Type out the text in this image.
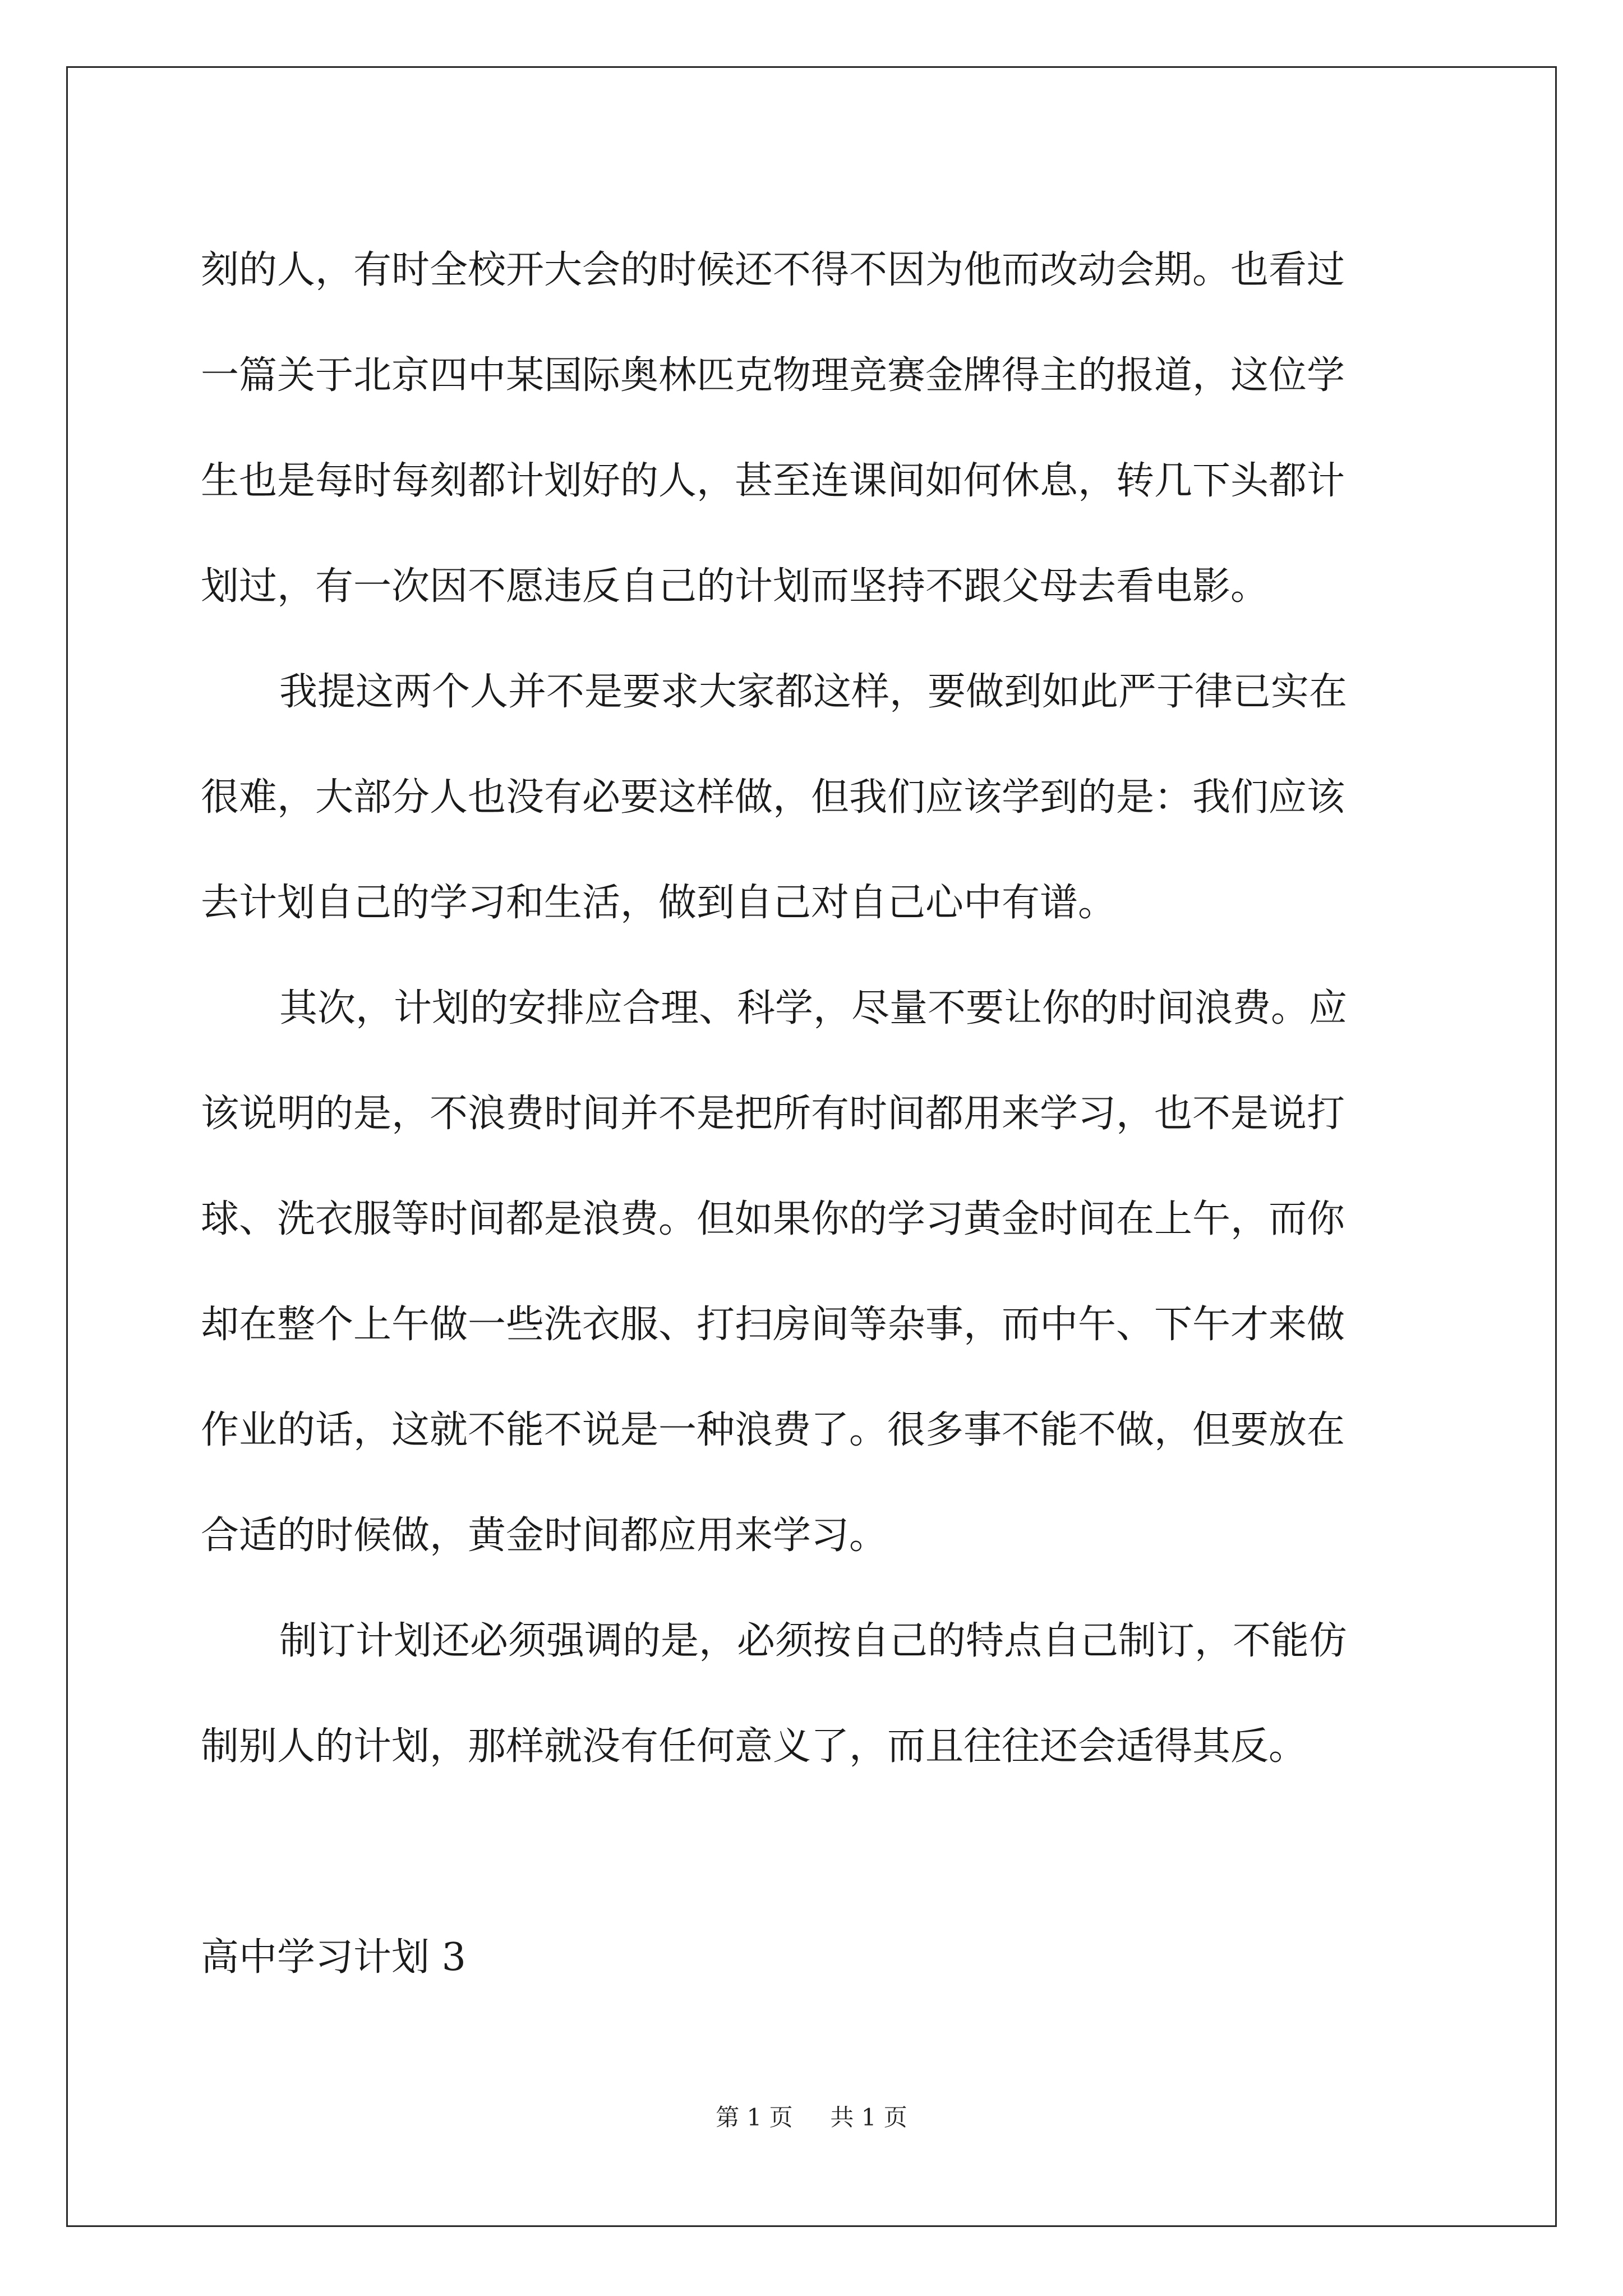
刻的人，有时全校开大会的时候还不得不因为他而改动会期。也看过
一篇关于北京四中某国际奥林匹克物理竞赛金牌得主的报道，这位学
生也是每时每刻都计划好的人，甚至连课间如何休息，转几下头都计
划过，有一次因不愿违反自己的计划而坚持不跟父母去看电影。

我提这两个人并不是要求大家都这样，要做到如此严于律已实在
很难，大部分人也没有必要这样做，但我们应该学到的是：我们应该
去计划自己的学习和生活，做到自己对自己心中有谱。

其次，计划的安排应合理、科学，尽量不要让你的时间浪费。应
该说明的是，不浪费时间并不是把所有时间都用来学习，也不是说打
球、洗衣服等时间都是浪费。但如果你的学习黄金时间在上午，而你
却在整个上午做一些洗衣服、打扫房间等杂事，而中午、下午才来做
作业的话，这就不能不说是一种浪费了。很多事不能不做，但要放在
合适的时候做，黄金时间都应用来学习。

制订计划还必须强调的是，必须按自己的特点自己制订，不能仿
制别人的计划，那样就没有任何意义了，而且往往还会适得其反。

高中学习计划 3
第 1 页 共 1 页
